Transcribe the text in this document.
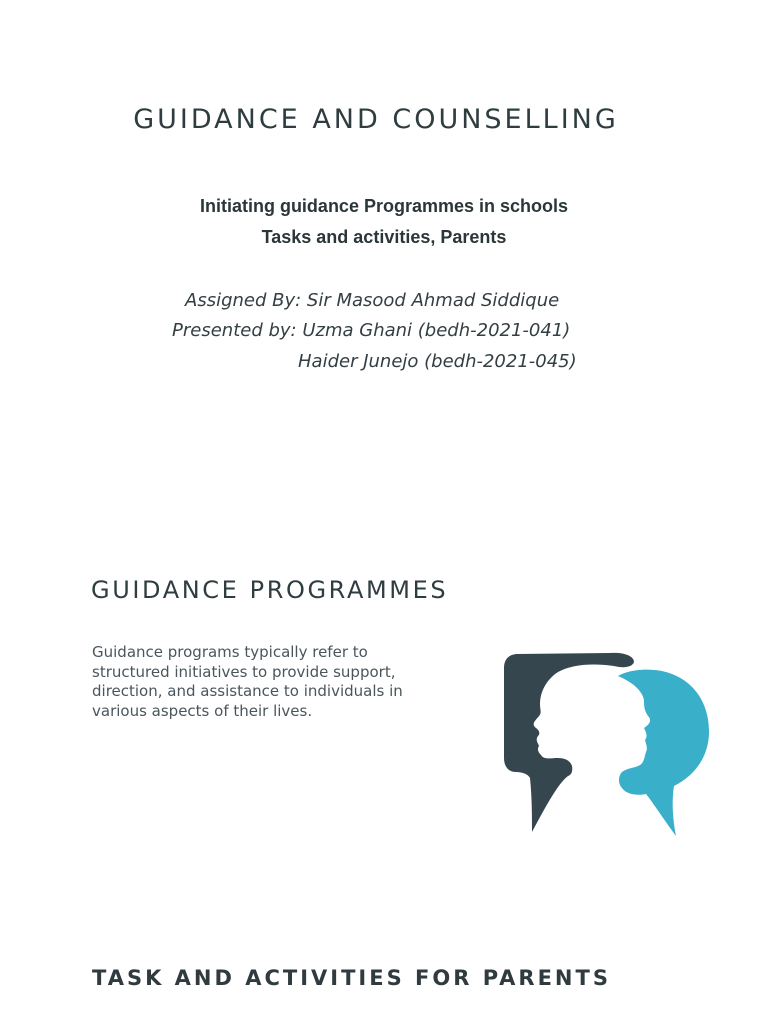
GUIDANCE AND COUNSELLING
Initiating guidance Programmes in schools
Tasks and activities, Parents
Assigned By: Sir Masood Ahmad Siddique
Presented by: Uzma Ghani (bedh-2021-041)
Haider Junejo (bedh-2021-045)
GUIDANCE PROGRAMMES
Guidance programs typically refer to structured initiatives to provide support, direction, and assistance to individuals in various aspects of their lives.
TASK AND ACTIVITIES FOR PARENTS
